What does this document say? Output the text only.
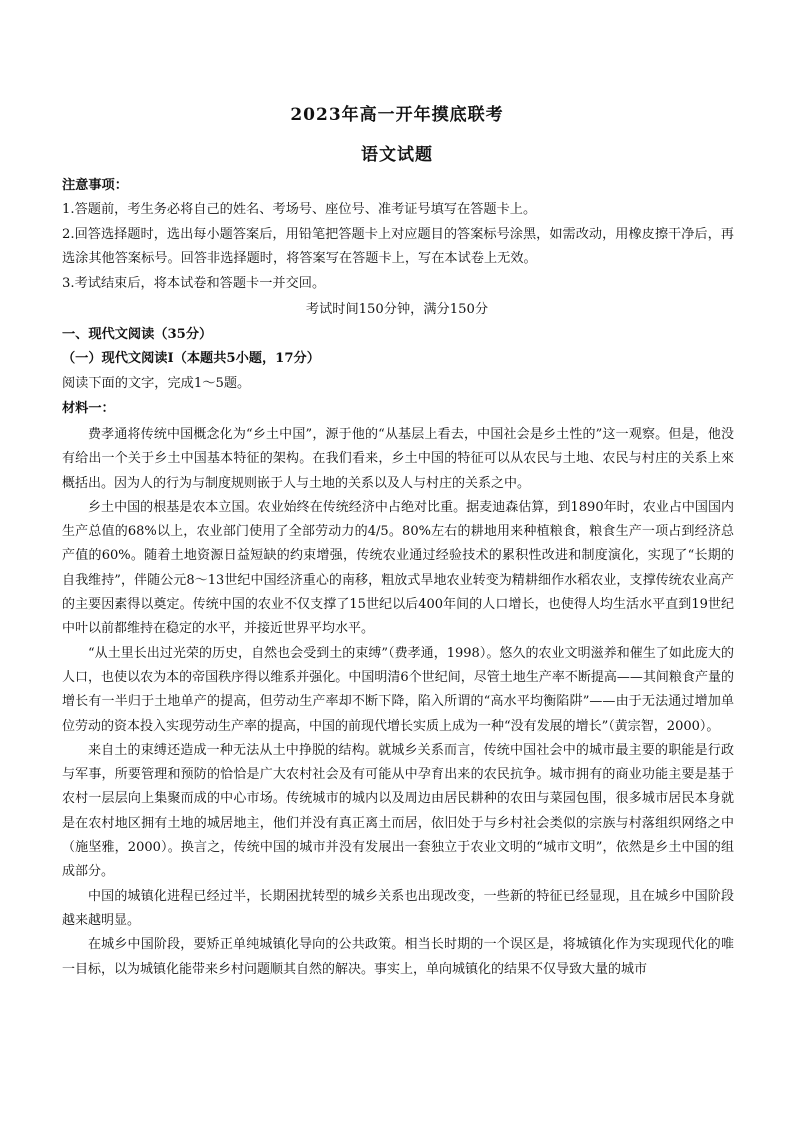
2023年高一开年摸底联考
语文试题
注意事项：

1.答题前，考生务必将自己的姓名、考场号、座位号、准考证号填写在答题卡上。

2.回答选择题时，选出每小题答案后，用铅笔把答题卡上对应题目的答案标号涂黑，如需改动，用橡皮擦干净后，再选涂其他答案标号。回答非选择题时，将答案写在答题卡上，写在本试卷上无效。

3.考试结束后，将本试卷和答题卡一并交回。

考试时间150分钟，满分150分
一、现代文阅读（35分）
（一）现代文阅读Ⅰ（本题共5小题，17分）
阅读下面的文字，完成1～5题。
材料一：

费孝通将传统中国概念化为“乡土中国”，源于他的“从基层上看去，中国社会是乡土性的”这一观察。但是，他没有给出一个关于乡土中国基本特征的架构。在我们看来，乡土中国的特征可以从农民与土地、农民与村庄的关系上來概括出。因为人的行为与制度规则嵌于人与土地的关系以及人与村庄的关系之中。

乡土中国的根基是农本立国。农业始终在传统经济中占绝对比重。据麦迪森估算，到1890年时，农业占中国国内生产总值的68%以上，农业部门使用了全部劳动力的4/5。80%左右的耕地用来种植粮食，粮食生产一项占到经济总产值的60%。随着土地资源日益短缺的约束增强，传统农业通过经验技术的累积性改进和制度演化，实现了“长期的自我维持”，伴随公元8～13世纪中国经济重心的南移，粗放式旱地农业转变为精耕细作水稻农业，支撑传统农业高产的主要因素得以奠定。传统中国的农业不仅支撑了15世纪以后400年间的人口增长，也使得人均生活水平直到19世纪中叶以前都维持在稳定的水平，并接近世界平均水平。

“从土里长出过光荣的历史，自然也会受到土的束缚”（费孝通，1998）。悠久的农业文明滋养和催生了如此庞大的人口，也使以农为本的帝国秩序得以维系并强化。中国明清6个世纪间，尽管土地生产率不断提高——其间粮食产量的增长有一半归于土地单产的提高，但劳动生产率却不断下降，陷入所谓的“高水平均衡陷阱”——由于无法通过增加单位劳动的资本投入实现劳动生产率的提高，中国的前现代增长实质上成为一种“没有发展的增长”（黄宗智，2000）。

来自土的束缚还造成一种无法从土中挣脱的结构。就城乡关系而言，传统中国社会中的城市最主要的职能是行政与军事，所要管理和预防的恰恰是广大农村社会及有可能从中孕育出来的农民抗争。城市拥有的商业功能主要是基于农村一层层向上集聚而成的中心市场。传统城市的城内以及周边由居民耕种的农田与菜园包围，很多城市居民本身就是在农村地区拥有土地的城居地主，他们并没有真正离土而居，依旧处于与乡村社会类似的宗族与村落组织网络之中（施坚雅，2000）。换言之，传统中国的城市并没有发展出一套独立于农业文明的“城市文明”，依然是乡土中国的组成部分。

中国的城镇化进程已经过半，长期困扰转型的城乡关系也出现改变，一些新的特征已经显现，且在城乡中国阶段越来越明显。

在城乡中国阶段，要矫正单纯城镇化导向的公共政策。相当长时期的一个误区是，将城镇化作为实现现代化的唯一目标，以为城镇化能带来乡村问题顺其自然的解决。事实上，单向城镇化的结果不仅导致大量的城市
